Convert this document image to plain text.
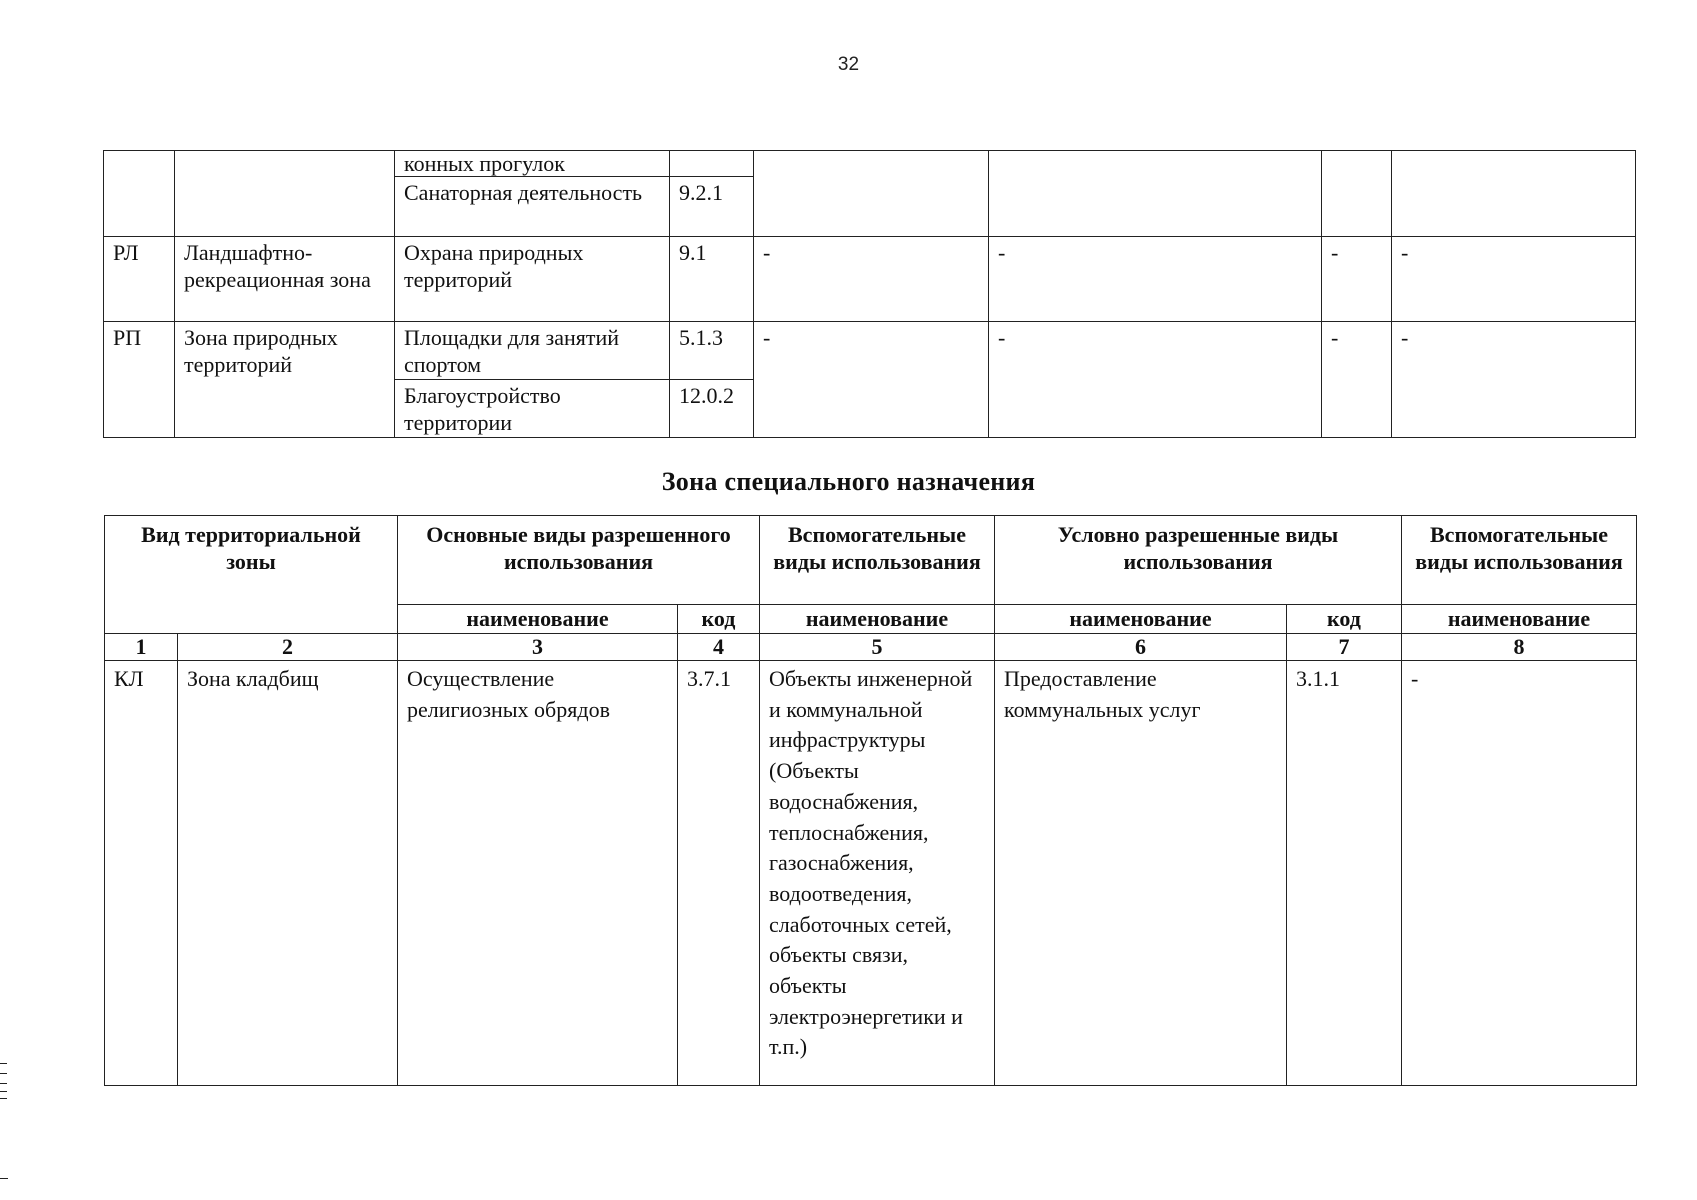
32
		конных прогулок					
		Санаторная деятельность	9.2.1				
РЛ	Ландшафтно-рекреационная зона	Охрана природных территорий	9.1	-	-	-	-
РП	Зона природных территорий	Площадки для занятий спортом	5.1.3	-	-	-	-
		Благоустройство территории	12.0.2				
Зона специального назначения
Вид территориальной зоны		Основные виды разрешенного использования		Вспомогательные виды использования	Условно разрешенные виды использования		Вспомогательные виды использования
		наименование	код	наименование	наименование	код	наименование
1	2	3	4	5	6	7	8
КЛ	Зона кладбищ	Осуществление религиозных обрядов	3.7.1	Объекты инженерной и коммунальной инфраструктуры (Объекты водоснабжения, теплоснабжения, газоснабжения, водоотведения, слаботочных сетей, объекты связи, объекты электроэнергетики и т.п.)	Предоставление коммунальных услуг	3.1.1	-
